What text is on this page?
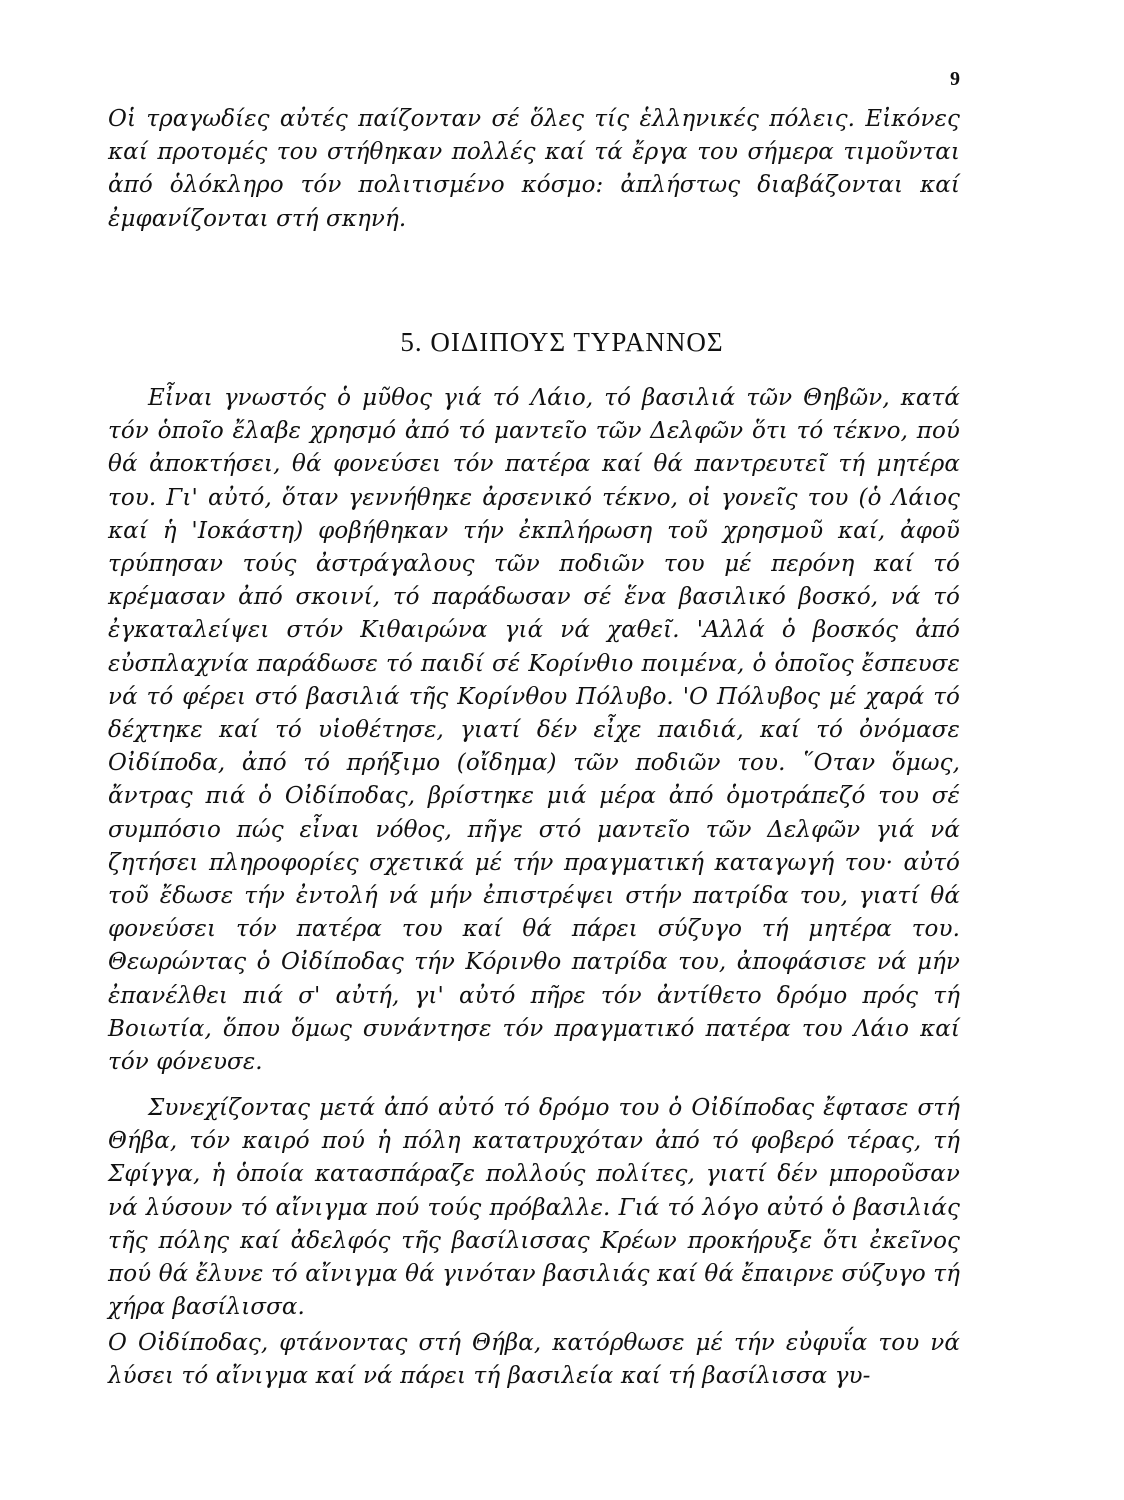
9

Οἱ τραγωδίες αὐτές παίζονταν σέ ὅλες τίς ἑλληνικές πόλεις. Εἰκόνες καί προτομές του στήθηκαν πολλές καί τά ἔργα του σήμερα τιμοῦνται ἀπό ὁλόκληρο τόν πολιτισμένο κόσμο: ἀπλήστως διαβάζονται καί ἐμφανίζονται στή σκηνή.

5. ΟΙΔΙΠΟΥΣ ΤΥΡΑΝΝΟΣ

Εἶναι γνωστός ὁ μῦθος γιά τό Λάιο, τό βασιλιά τῶν Θηβῶν, κατά τόν ὁποῖο ἔλαβε χρησμό ἀπό τό μαντεῖο τῶν Δελφῶν ὅτι τό τέκνο, πού θά ἀποκτήσει, θά φονεύσει τόν πατέρα καί θά παντρευτεῖ τή μητέρα του. Γι' αὐτό, ὅταν γεννήθηκε ἀρσενικό τέκνο, οἱ γονεῖς του (ὁ Λάιος καί ἡ 'Ιοκάστη) φοβήθηκαν τήν ἐκπλήρωση τοῦ χρησμοῦ καί, ἀφοῦ τρύπησαν τούς ἀστράγαλους τῶν ποδιῶν του μέ περόνη καί τό κρέμασαν ἀπό σκοινί, τό παράδωσαν σέ ἕνα βασιλικό βοσκό, νά τό ἐγκαταλείψει στόν Κιθαιρώνα γιά νά χαθεῖ. 'Αλλά ὁ βοσκός ἀπό εὐσπλαχνία παράδωσε τό παιδί σέ Κορίνθιο ποιμένα, ὁ ὁποῖος ἔσπευσε νά τό φέρει στό βασιλιά τῆς Κορίνθου Πόλυβο. 'Ο Πόλυβος μέ χαρά τό δέχτηκε καί τό υἱοθέτησε, γιατί δέν εἶχε παιδιά, καί τό ὀνόμασε Οἰδίποδα, ἀπό τό πρήξιμο (οἴδημα) τῶν ποδιῶν του. ῞Οταν ὅμως, ἄντρας πιά ὁ Οἰδίποδας, βρίστηκε μιά μέρα ἀπό ὁμοτράπεζό του σέ συμπόσιο πώς εἶναι νόθος, πῆγε στό μαντεῖο τῶν Δελφῶν γιά νά ζητήσει πληροφορίες σχετικά μέ τήν πραγματική καταγωγή του· αὐτό τοῦ ἔδωσε τήν ἐντολή νά μήν ἐπιστρέψει στήν πατρίδα του, γιατί θά φονεύσει τόν πατέρα του καί θά πάρει σύζυγο τή μητέρα του. Θεωρώντας ὁ Οἰδίποδας τήν Κόρινθο πατρίδα του, ἀποφάσισε νά μήν ἐπανέλθει πιά σ' αὐτή, γι' αὐτό πῆρε τόν ἀντίθετο δρόμο πρός τή Βοιωτία, ὅπου ὅμως συνάντησε τόν πραγματικό πατέρα του Λάιο καί τόν φόνευσε.

Συνεχίζοντας μετά ἀπό αὐτό τό δρόμο του ὁ Οἰδίποδας ἔφτασε στή Θήβα, τόν καιρό πού ἡ πόλη κατατρυχόταν ἀπό τό φοβερό τέρας, τή Σφίγγα, ἡ ὁποία κατασπάραζε πολλούς πολίτες, γιατί δέν μποροῦσαν νά λύσουν τό αἴνιγμα πού τούς πρόβαλλε. Γιά τό λόγο αὐτό ὁ βασιλιάς τῆς πόλης καί ἀδελφός τῆς βασίλισσας Κρέων προκήρυξε ὅτι ἐκεῖνος πού θά ἔλυνε τό αἴνιγμα θά γινόταν βασιλιάς καί θά ἔπαιρνε σύζυγο τή χήρα βασίλισσα.

Ο Οἰδίποδας, φτάνοντας στή Θήβα, κατόρθωσε μέ τήν εὐφυΐα του νά λύσει τό αἴνιγμα καί νά πάρει τή βασιλεία καί τή βασίλισσα γυ-
